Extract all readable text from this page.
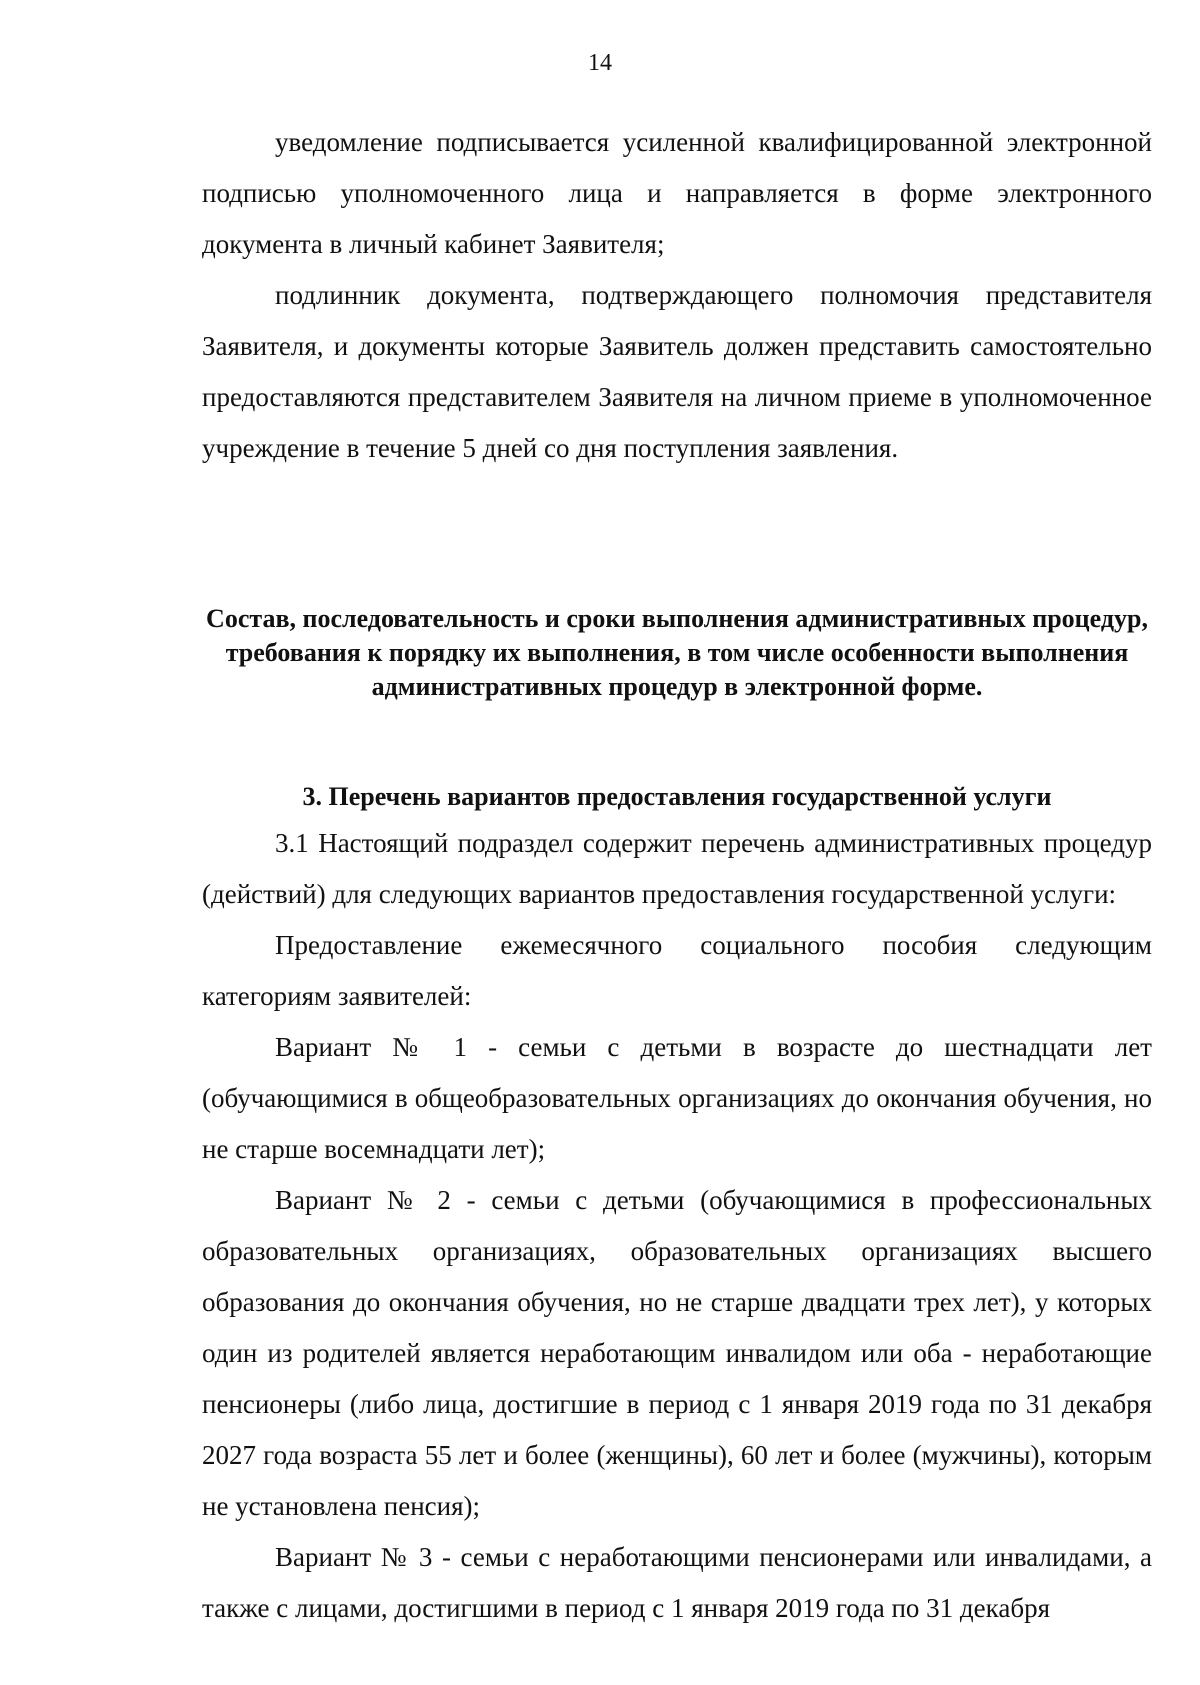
14

уведомление подписывается усиленной квалифицированной электронной подписью уполномоченного лица и направляется в форме электронного документа в личный кабинет Заявителя;

подлинник документа, подтверждающего полномочия представителя Заявителя, и документы которые Заявитель должен представить самостоятельно предоставляются представителем Заявителя на личном приеме в уполномоченное учреждение в течение 5 дней со дня поступления заявления.

Состав, последовательность и сроки выполнения административных процедур, требования к порядку их выполнения, в том числе особенности выполнения административных процедур в электронной форме.
3. Перечень вариантов предоставления государственной услуги

3.1 Настоящий подраздел содержит перечень административных процедур (действий) для следующих вариантов предоставления государственной услуги:

Предоставление ежемесячного социального пособия следующим категориям заявителей:

Вариант № 1 - семьи с детьми в возрасте до шестнадцати лет (обучающимися в общеобразовательных организациях до окончания обучения, но не старше восемнадцати лет);

Вариант № 2 - семьи с детьми (обучающимися в профессиональных образовательных организациях, образовательных организациях высшего образования до окончания обучения, но не старше двадцати трех лет), у которых один из родителей является неработающим инвалидом или оба - неработающие пенсионеры (либо лица, достигшие в период с 1 января 2019 года по 31 декабря 2027 года возраста 55 лет и более (женщины), 60 лет и более (мужчины), которым не установлена пенсия);

Вариант № 3 - семьи с неработающими пенсионерами или инвалидами, а также с лицами, достигшими в период с 1 января 2019 года по 31 декабря
